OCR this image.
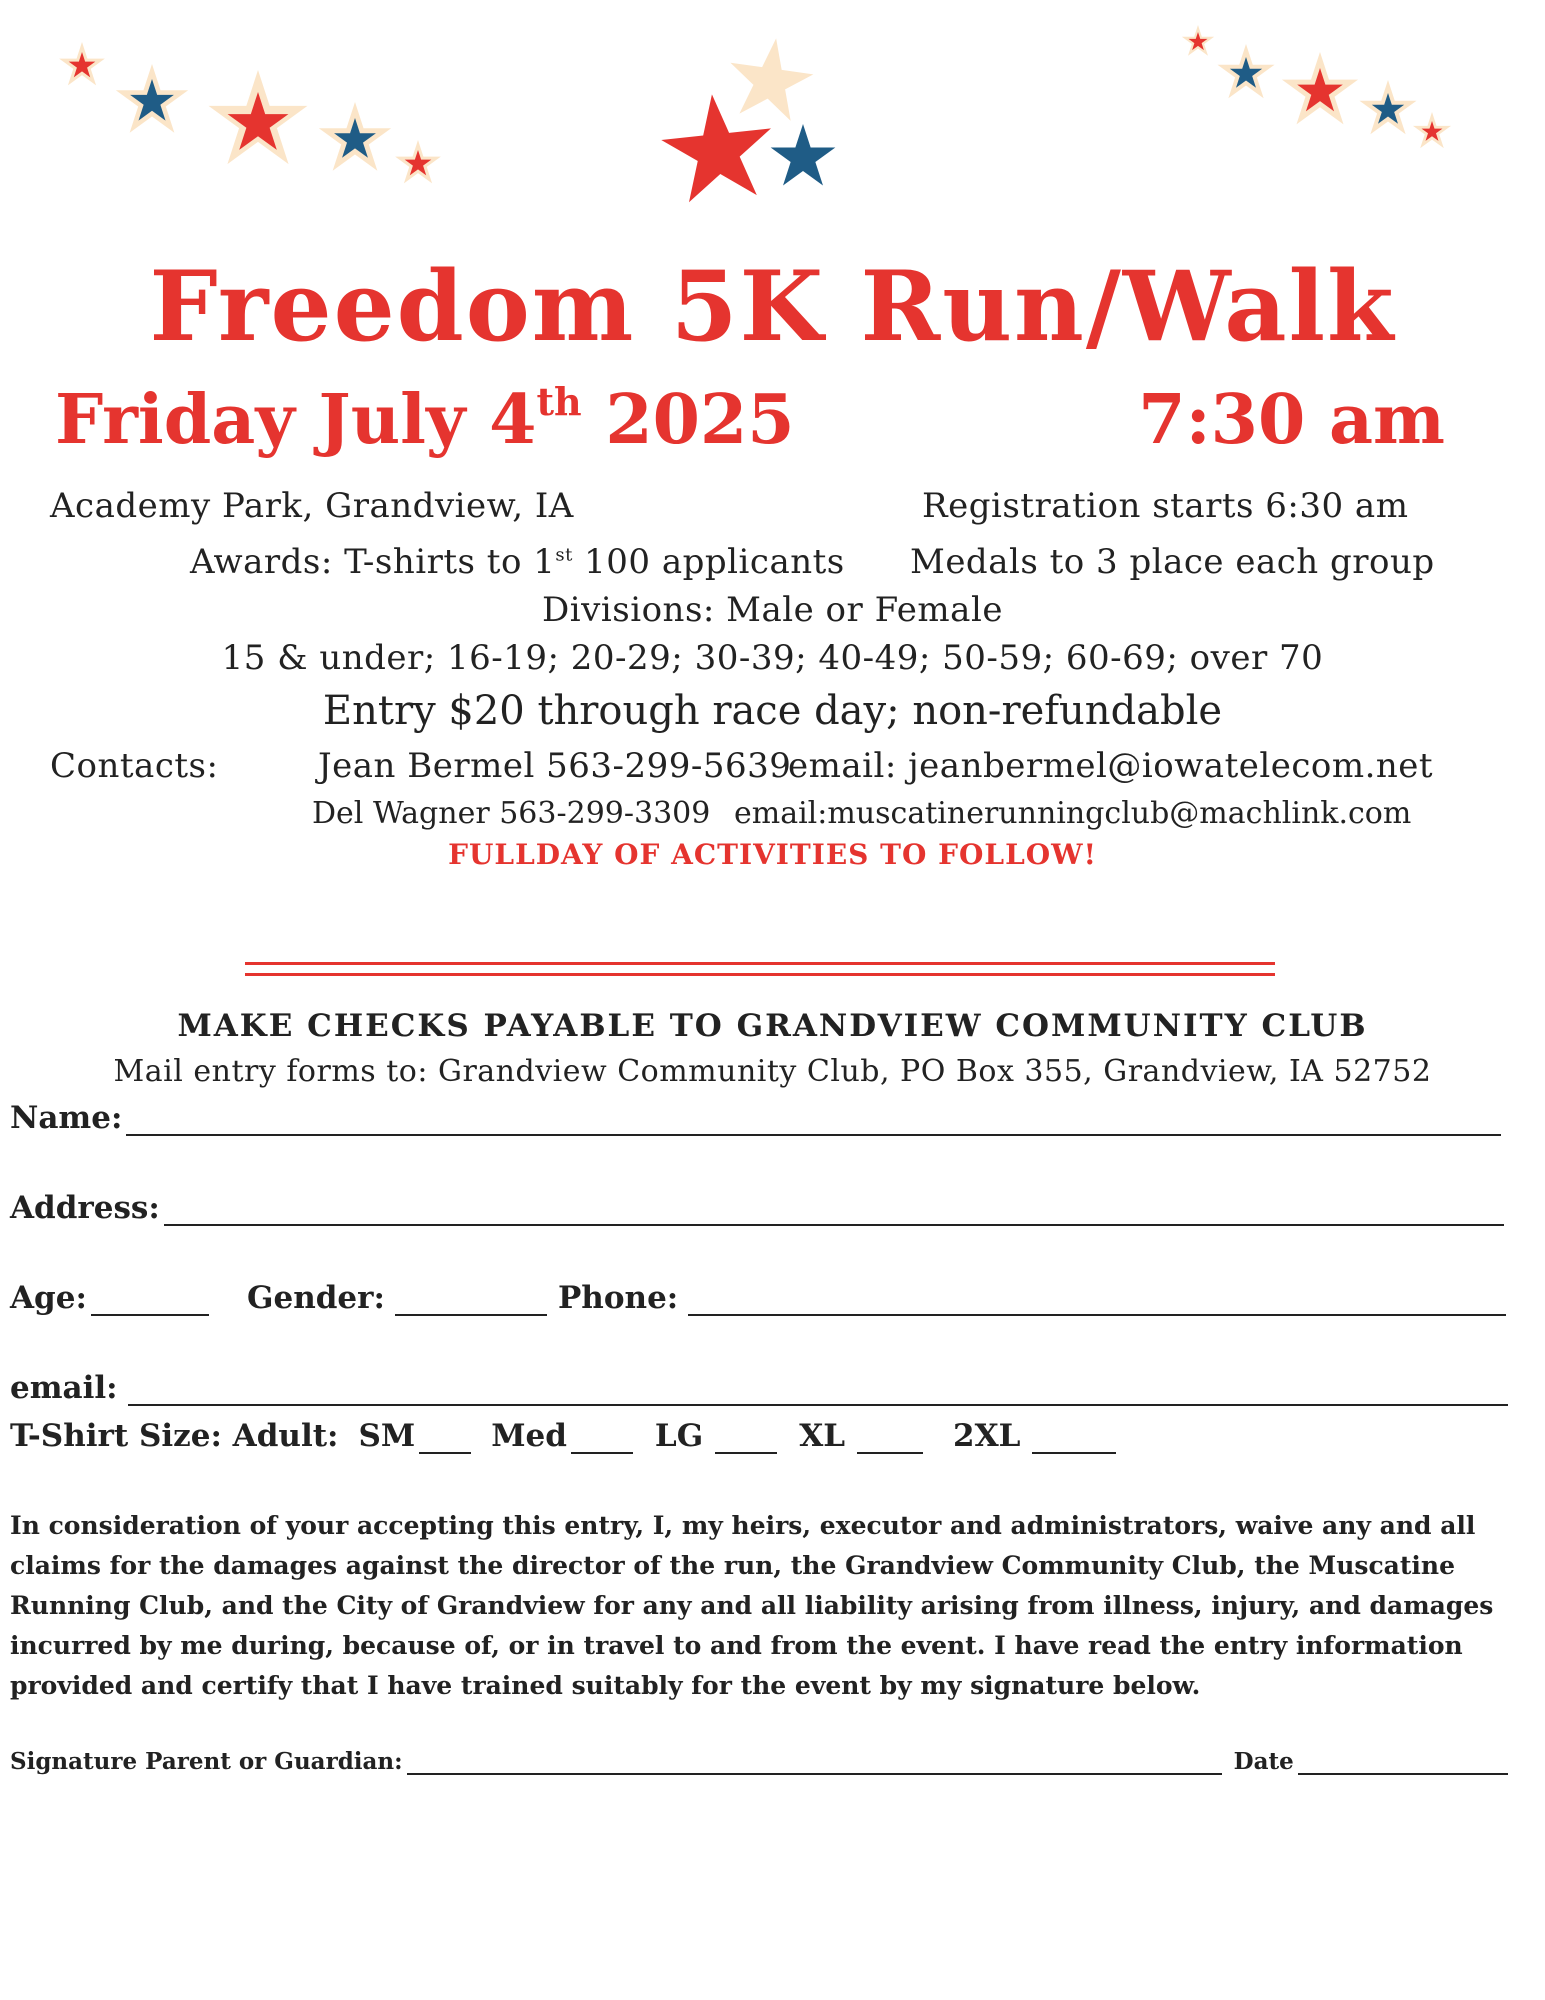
Freedom 5K Run/Walk
Friday July 4th 2025	7:30 am
Academy Park, Grandview, IA	Registration starts 6:30 am
Awards: T-shirts to 1st 100 applicants Medals to 3 place each group
Divisions: Male or Female
15 & under; 16-19; 20-29; 30-39; 40-49; 50-59; 60-69; over 70
Entry $20 through race day; non-refundable
Contacts:	Jean Bermel 563-299-5639
email: jeanbermel@iowatelecom.net
Del Wagner 563-299-3309 email:muscatinerunningclub@machlink.com
FULLDAY OF ACTIVITIES TO FOLLOW!
MAKE CHECKS PAYABLE TO GRANDVIEW COMMUNITY CLUB
Mail entry forms to: Grandview Community Club, PO Box 355, Grandview, IA 52752
Name:
Address:
Age:	Gender:	Phone:
email:
T-Shirt Size: Adult: SM Med	LG	XL	2XL
In consideration of your accepting this entry, I, my heirs, executor and administrators, waive any and all claims for the damages against the director of the run, the Grandview Community Club, the Muscatine Running Club, and the City of Grandview for any and all liability arising from illness, injury, and damages incurred by me during, because of, or in travel to and from the event. I have read the entry information provided and certify that I have trained suitably for the event by my signature below.
Signature Parent or Guardian:	Date
